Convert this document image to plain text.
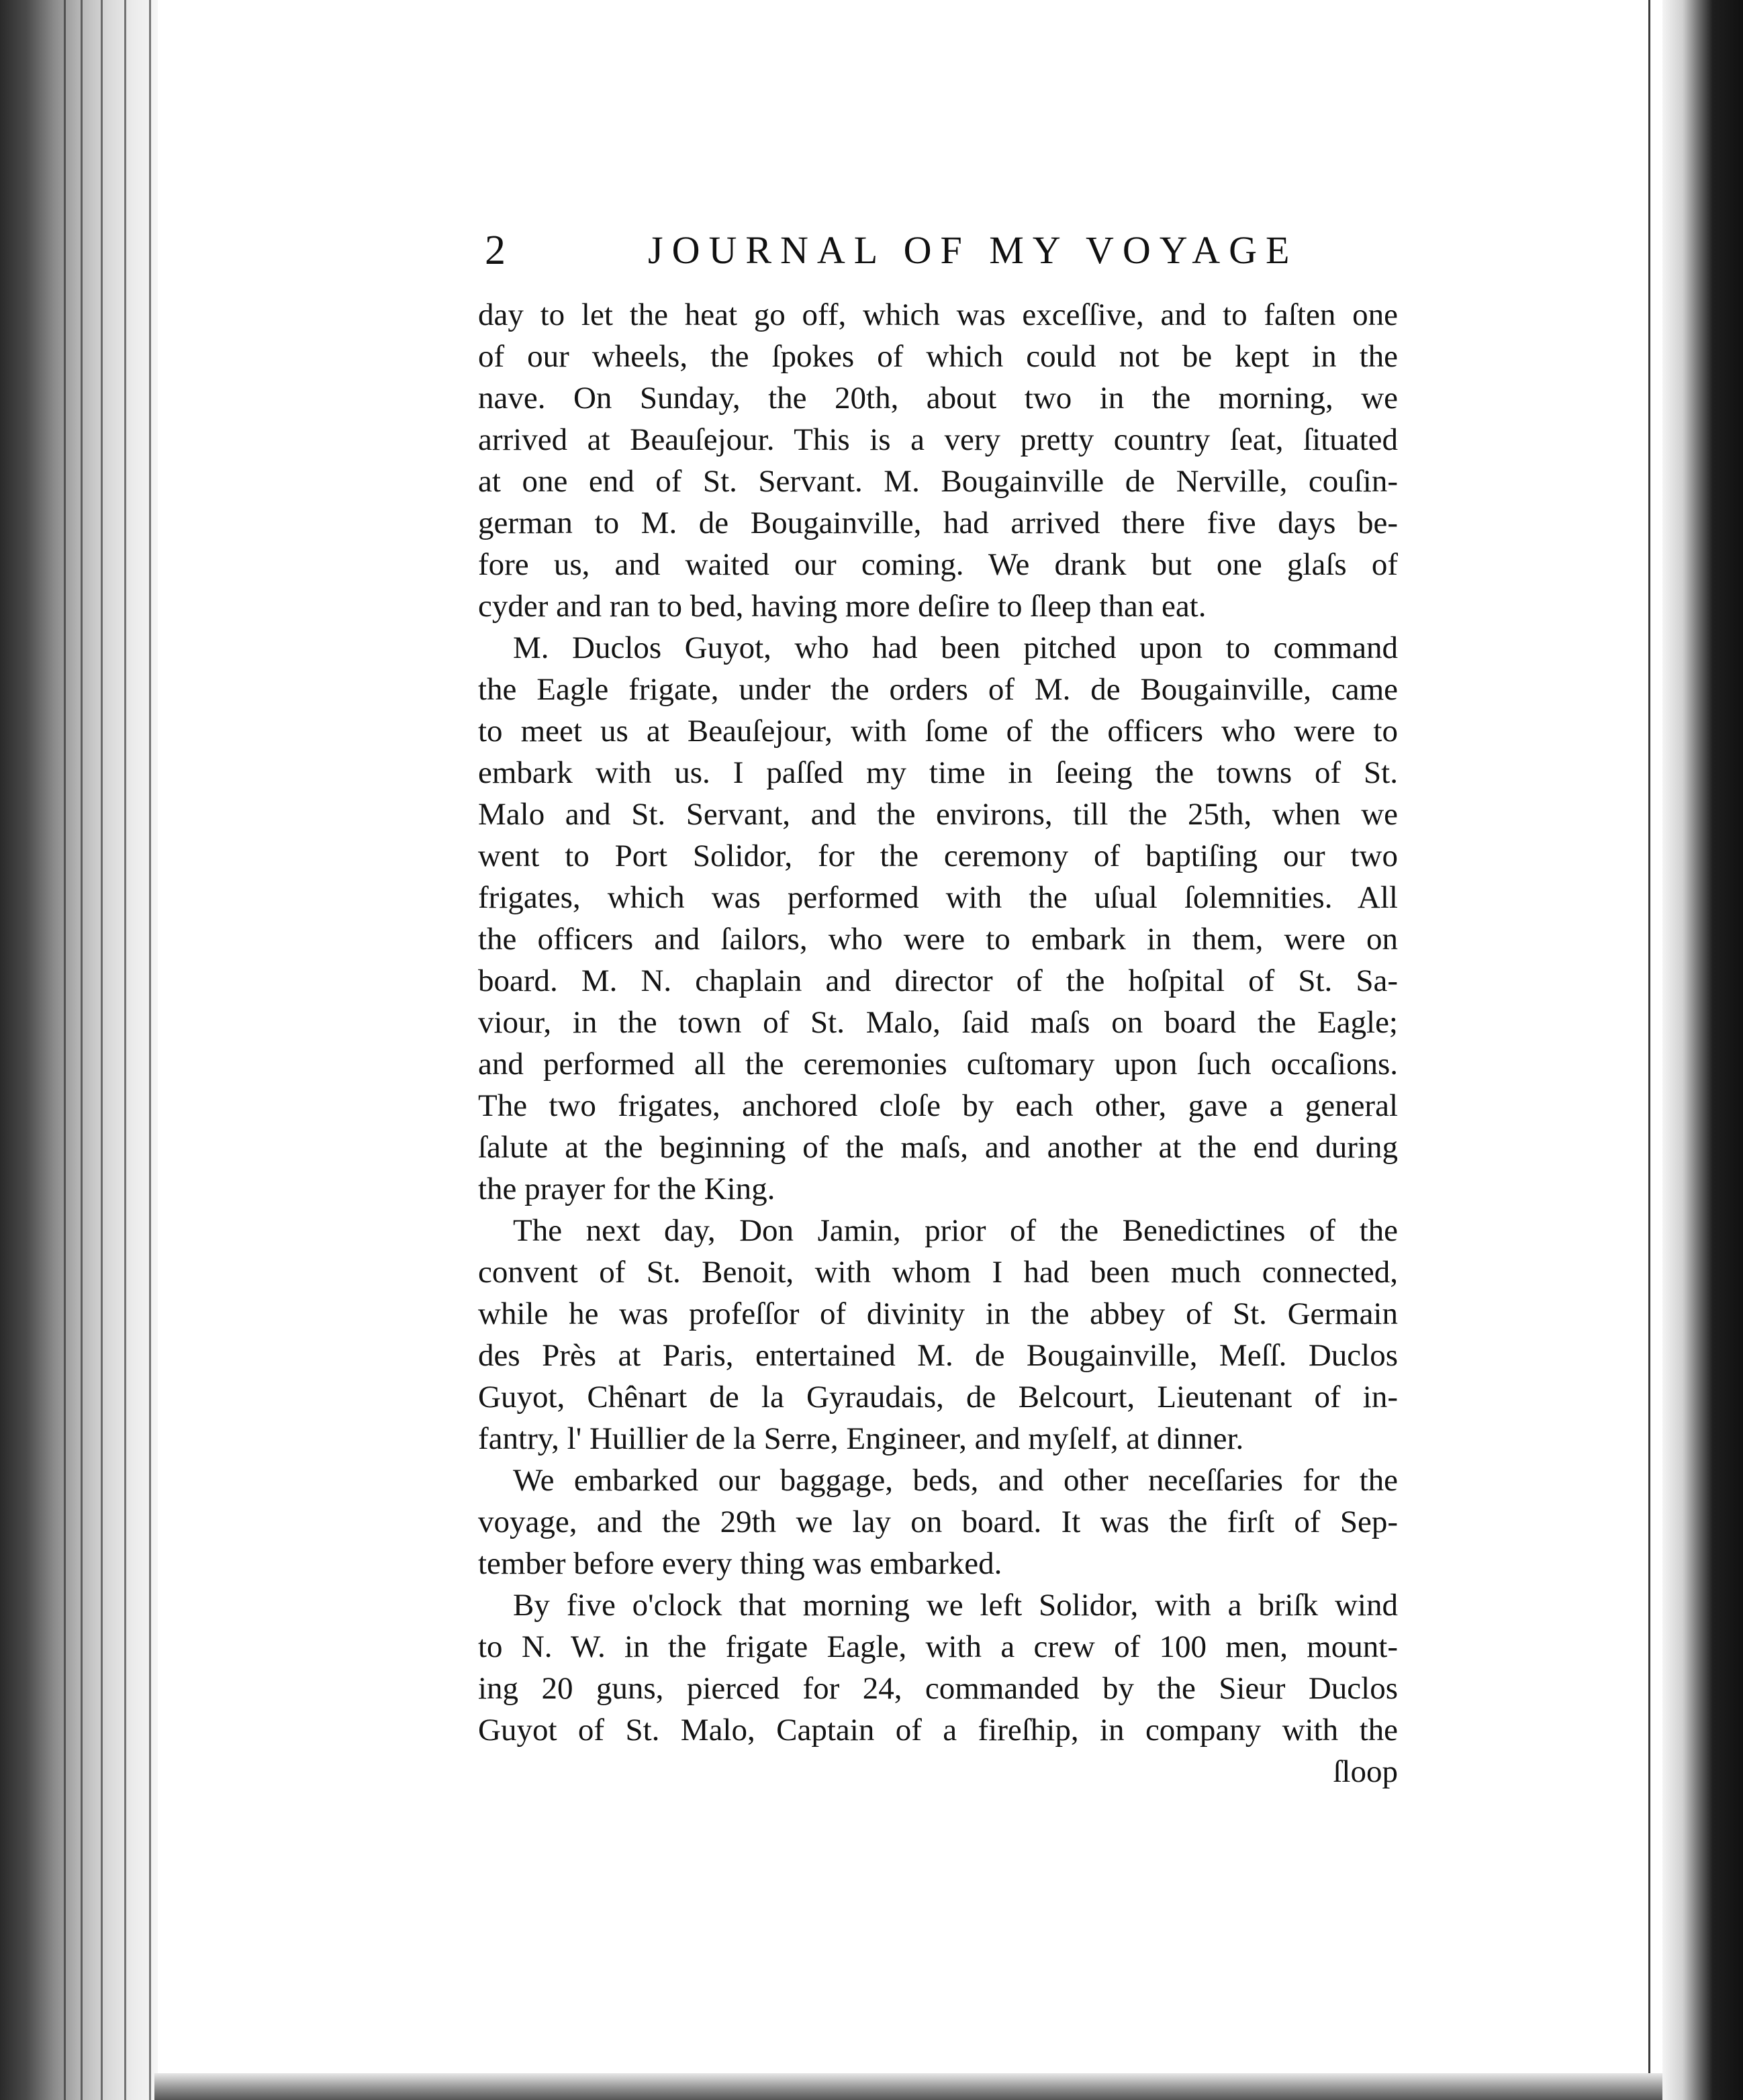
2	JOURNAL OF MY VOYAGE
day to let the heat go off, which was exceſſive, and to faſten one
of our wheels, the ſpokes of which could not be kept in the
nave. On Sunday, the 20th, about two in the morning, we
arrived at Beauſejour. This is a very pretty country ſeat, ſituated
at one end of St. Servant. M. Bougainville de Nerville, couſin-
german to M. de Bougainville, had arrived there five days be-
fore us, and waited our coming. We drank but one glaſs of
cyder and ran to bed, having more deſire to ſleep than eat.
M. Duclos Guyot, who had been pitched upon to command
the Eagle frigate, under the orders of M. de Bougainville, came
to meet us at Beauſejour, with ſome of the officers who were to
embark with us. I paſſed my time in ſeeing the towns of St.
Malo and St. Servant, and the environs, till the 25th, when we
went to Port Solidor, for the ceremony of baptiſing our two
frigates, which was performed with the uſual ſolemnities. All
the officers and ſailors, who were to embark in them, were on
board. M. N. chaplain and director of the hoſpital of St. Sa-
viour, in the town of St. Malo, ſaid maſs on board the Eagle;
and performed all the ceremonies cuſtomary upon ſuch occaſions.
The two frigates, anchored cloſe by each other, gave a general
ſalute at the beginning of the maſs, and another at the end during
the prayer for the King.
The next day, Don Jamin, prior of the Benedictines of the
convent of St. Benoit, with whom I had been much connected,
while he was profeſſor of divinity in the abbey of St. Germain
des Près at Paris, entertained M. de Bougainville, Meſſ. Duclos
Guyot, Chênart de la Gyraudais, de Belcourt, Lieutenant of in-
fantry, l' Huillier de la Serre, Engineer, and myſelf, at dinner.
We embarked our baggage, beds, and other neceſſaries for the
voyage, and the 29th we lay on board. It was the firſt of Sep-
tember before every thing was embarked.
By five o'clock that morning we left Solidor, with a briſk wind
to N. W. in the frigate Eagle, with a crew of 100 men, mount-
ing 20 guns, pierced for 24, commanded by the Sieur Duclos
Guyot of St. Malo, Captain of a fireſhip, in company with the
ſloop
